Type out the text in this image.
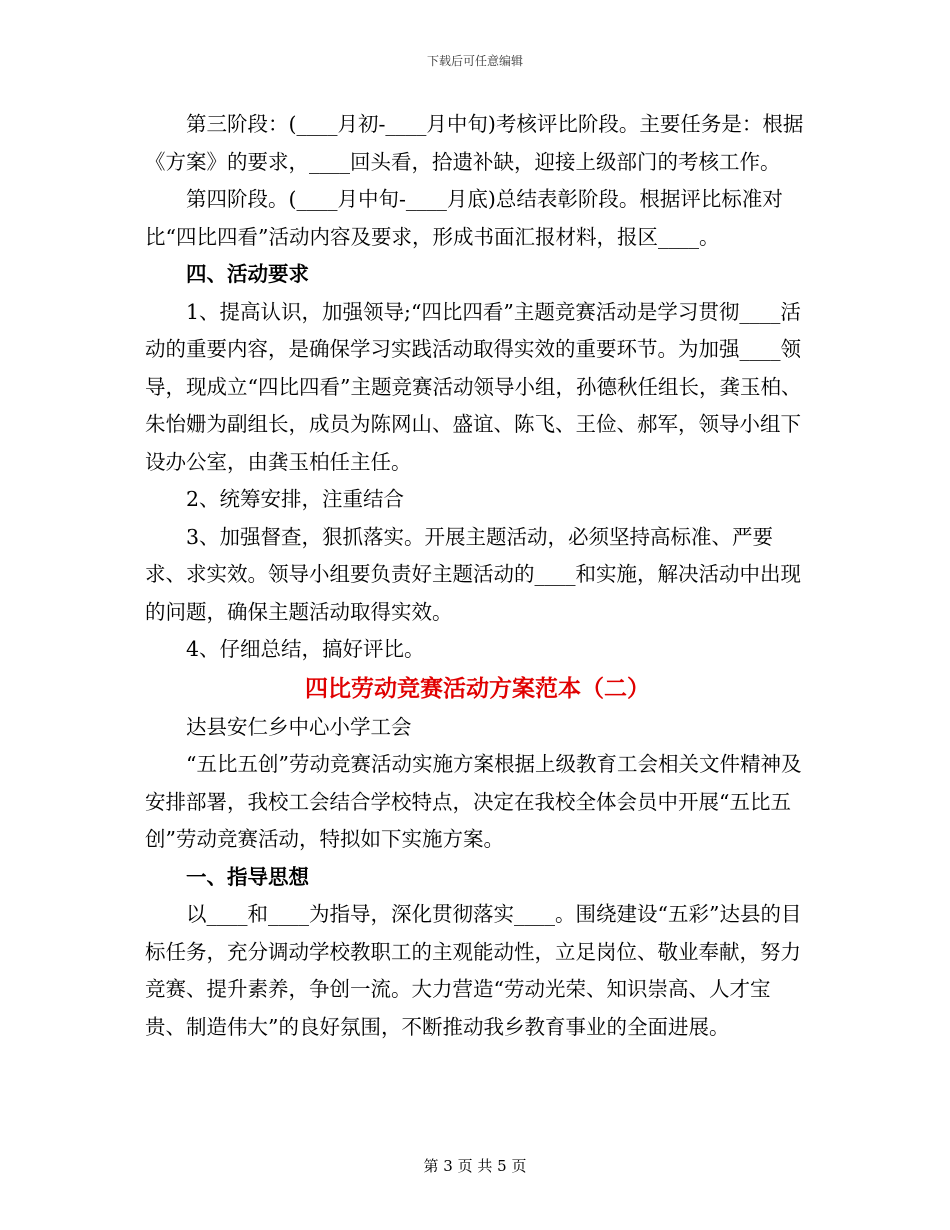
下载后可任意编辑

第三阶段：(____月初-____月中旬)考核评比阶段。主要任务是：根据《方案》的要求，____回头看，拾遗补缺，迎接上级部门的考核工作。

第四阶段。(____月中旬-____月底)总结表彰阶段。根据评比标准对比“四比四看”活动内容及要求，形成书面汇报材料，报区____。

四、活动要求

1、提高认识，加强领导;“四比四看”主题竞赛活动是学习贯彻____活动的重要内容，是确保学习实践活动取得实效的重要环节。为加强____领导，现成立“四比四看”主题竞赛活动领导小组，孙德秋任组长，龚玉柏、朱怡姗为副组长，成员为陈网山、盛谊、陈飞、王俭、郝军，领导小组下设办公室，由龚玉柏任主任。

2、统筹安排，注重结合

3、加强督查，狠抓落实。开展主题活动，必须坚持高标准、严要求、求实效。领导小组要负责好主题活动的____和实施，解决活动中出现的问题，确保主题活动取得实效。

4、仔细总结，搞好评比。

四比劳动竞赛活动方案范本（二）

达县安仁乡中心小学工会

“五比五创”劳动竞赛活动实施方案根据上级教育工会相关文件精神及安排部署，我校工会结合学校特点，决定在我校全体会员中开展“五比五创”劳动竞赛活动，特拟如下实施方案。

一、指导思想

以____和____为指导，深化贯彻落实____。围绕建设“五彩”达县的目标任务，充分调动学校教职工的主观能动性，立足岗位、敬业奉献，努力竞赛、提升素养，争创一流。大力营造“劳动光荣、知识崇高、人才宝贵、制造伟大”的良好氛围，不断推动我乡教育事业的全面进展。

第 3 页 共 5 页
